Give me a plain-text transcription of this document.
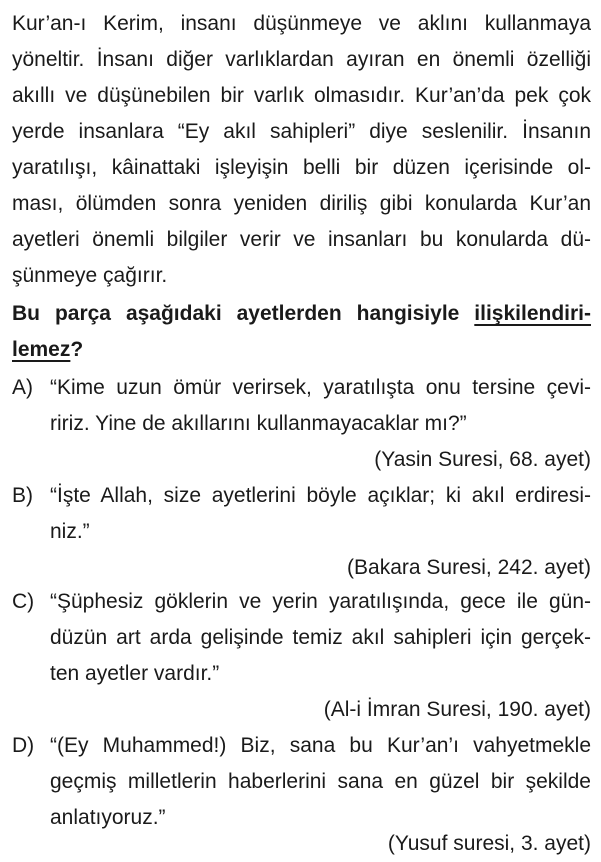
Kur’an-ı Kerim, insanı düşünmeye ve aklını kullanmaya
yöneltir. İnsanı diğer varlıklardan ayıran en önemli özelliği
akıllı ve düşünebilen bir varlık olmasıdır. Kur’an’da pek çok
yerde insanlara “Ey akıl sahipleri” diye seslenilir. İnsanın
yaratılışı, kâinattaki işleyişin belli bir düzen içerisinde ol-
ması, ölümden sonra yeniden diriliş gibi konularda Kur’an
ayetleri önemli bilgiler verir ve insanları bu konularda dü-
şünmeye çağırır.
Bu parça aşağıdaki ayetlerden hangisiyle ilişkilendiri-
lemez?
A) “Kime uzun ömür verirsek, yaratılışta onu tersine çevi-
ririz. Yine de akıllarını kullanmayacaklar mı?”
(Yasin Suresi, 68. ayet)
B) “İşte Allah, size ayetlerini böyle açıklar; ki akıl erdiresi-
niz.”
(Bakara Suresi, 242. ayet)
C) “Şüphesiz göklerin ve yerin yaratılışında, gece ile gün-
düzün art arda gelişinde temiz akıl sahipleri için gerçek-
ten ayetler vardır.”
(Al-i İmran Suresi, 190. ayet)
D) “(Ey Muhammed!) Biz, sana bu Kur’an’ı vahyetmekle
geçmiş milletlerin haberlerini sana en güzel bir şekilde
anlatıyoruz.”
(Yusuf suresi, 3. ayet)
